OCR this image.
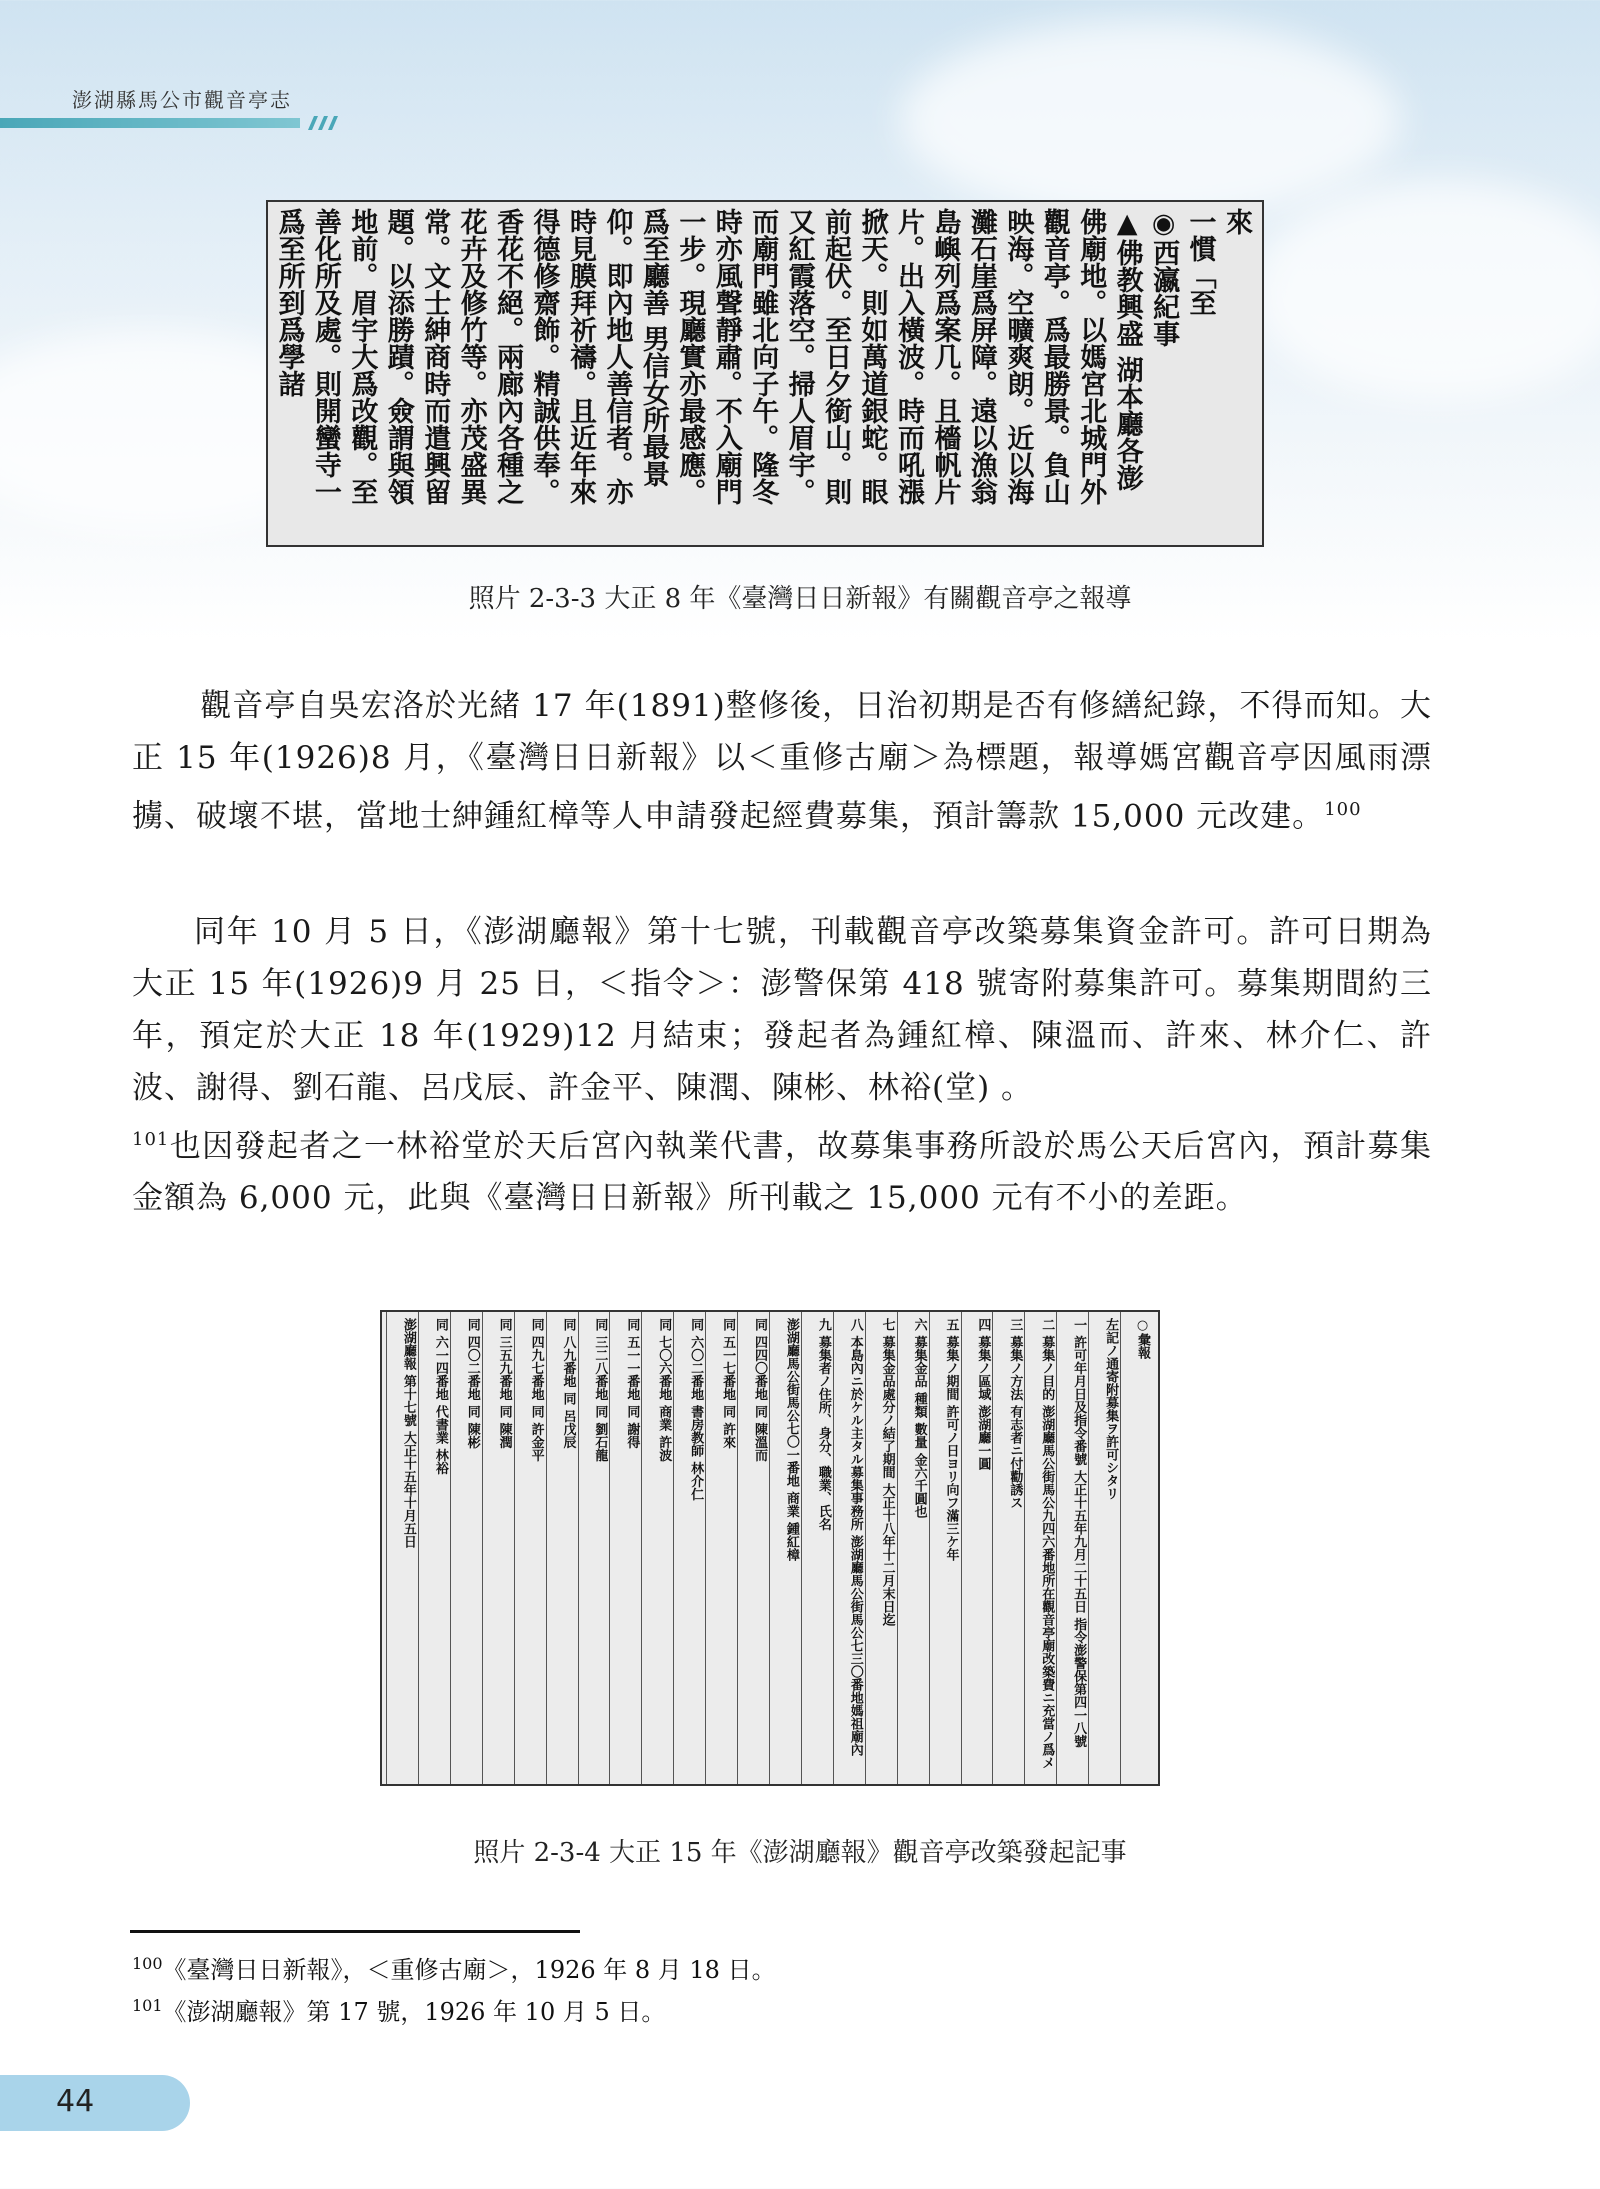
澎湖縣馬公市觀音亭志
來
一慣「至
◉西瀛紀事
▲佛教興盛 湖本廳各澎
佛廟地。以媽宮北城門外
觀音亭。爲最勝景。負山
映海。空曠爽朗。近以海
灘石崖爲屏障。遠以漁翁
島嶼列爲案几。且檣帆片
片。出入橫波。時而吼漲
掀天。則如萬道銀蛇。眼
前起伏。至日夕銜山。則
又紅霞落空。掃人眉宇。
而廟門雖北向子午。隆冬
時亦風聲靜肅。不入廟門
一步。現廳實亦最感應。
爲至廳善 男信女所最景
仰。即內地人善信者。亦
時見膜拜祈禱。且近年來
得德修齋飾。精誠供奉。
香花不絕。兩廊內各種之
花卉及修竹等。亦茂盛異
常。文士紳商時而遣興留
題。以添勝蹟。僉謂與領
地前。眉宇大爲改觀。至
善化所及處。則開蠻寺一
爲至所到爲學諸
照片 2-3-3 大正 8 年《臺灣日日新報》有關觀音亭之報導
觀音亭自吳宏洛於光緒 17 年(1891)整修後，日治初期是否有修繕紀錄，不得而知。大正 15 年(1926)8 月，《臺灣日日新報》以＜重修古廟＞為標題，報導媽宮觀音亭因風雨漂擄、破壞不堪，當地士紳鍾紅樟等人申請發起經費募集，預計籌款 15,000 元改建。$^{100}$
同年 10 月 5 日，《澎湖廳報》第十七號，刊載觀音亭改築募集資金許可。許可日期為大正 15 年(1926)9 月 25 日，＜指令＞：澎警保第 418 號寄附募集許可。募集期間約三年，預定於大正 18 年(1929)12 月結束；發起者為鍾紅樟、陳溫而、許來、林介仁、許波、謝得、劉石龍、呂戊辰、許金平、陳潤、陳彬、林裕(堂) 。
$^{101}$也因發起者之一林裕堂於天后宮內執業代書，故募集事務所設於馬公天后宮內，預計募集金額為 6,000 元，此與《臺灣日日新報》所刊載之 15,000 元有不小的差距。
○彙報
左記ノ通寄附募集ヲ許可シタリ
一 許可年月日及指令番號 大正十五年九月二十五日 指令澎警保第四一八號
二 募集ノ目的 澎湖廳馬公街馬公九四六番地所在觀音亭廟改築費ニ充當ノ爲メ
三 募集ノ方法 有志者ニ付勸誘ス
四 募集ノ區域 澎湖廳一圓
五 募集ノ期間 許可ノ日ヨリ向フ滿三ケ年
六 募集金品 種類 數量 金六千圓也
七 募集金品處分ノ結了期間 大正十八年十二月末日迄
八 本島內ニ於ケル主タル募集事務所 澎湖廳馬公街馬公七三〇番地媽祖廟內
九 募集者ノ住所、身分、職業、氏名
澎湖廳馬公街馬公七〇一番地 商業 鍾紅樟
同 四四〇番地 同 陳溫而
同 五一七番地 同 許來
同 六〇二番地 書房教師 林介仁
同 七〇六番地 商業 許波
同 五一一番地 同 謝得
同 三二八番地 同 劉石龍
同 八九番地 同 呂戊辰
同 四九七番地 同 許金平
同 三五九番地 同 陳潤
同 四〇二番地 同 陳彬
同 六一四番地 代書業 林裕
澎湖廳報 第十七號 大正十五年十月五日
照片 2-3-4 大正 15 年《澎湖廳報》觀音亭改築發起記事
$^{100}$《臺灣日日新報》，＜重修古廟＞，1926 年 8 月 18 日。
$^{101}$《澎湖廳報》第 17 號，1926 年 10 月 5 日。
44
